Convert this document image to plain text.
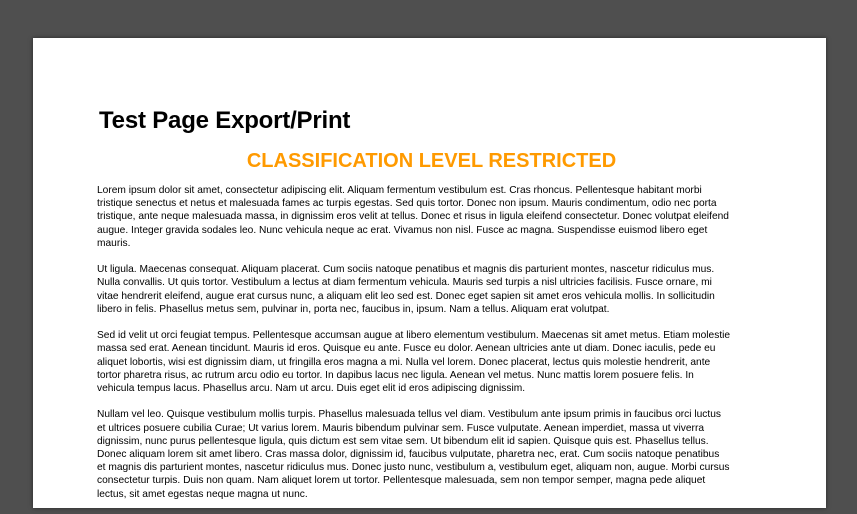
Test Page Export/Print
CLASSIFICATION LEVEL RESTRICTED
Lorem ipsum dolor sit amet, consectetur adipiscing elit. Aliquam fermentum vestibulum est. Cras rhoncus. Pellentesque habitant morbi
tristique senectus et netus et malesuada fames ac turpis egestas. Sed quis tortor. Donec non ipsum. Mauris condimentum, odio nec porta
tristique, ante neque malesuada massa, in dignissim eros velit at tellus. Donec et risus in ligula eleifend consectetur. Donec volutpat eleifend
augue. Integer gravida sodales leo. Nunc vehicula neque ac erat. Vivamus non nisl. Fusce ac magna. Suspendisse euismod libero eget
mauris.
Ut ligula. Maecenas consequat. Aliquam placerat. Cum sociis natoque penatibus et magnis dis parturient montes, nascetur ridiculus mus.
Nulla convallis. Ut quis tortor. Vestibulum a lectus at diam fermentum vehicula. Mauris sed turpis a nisl ultricies facilisis. Fusce ornare, mi
vitae hendrerit eleifend, augue erat cursus nunc, a aliquam elit leo sed est. Donec eget sapien sit amet eros vehicula mollis. In sollicitudin
libero in felis. Phasellus metus sem, pulvinar in, porta nec, faucibus in, ipsum. Nam a tellus. Aliquam erat volutpat.
Sed id velit ut orci feugiat tempus. Pellentesque accumsan augue at libero elementum vestibulum. Maecenas sit amet metus. Etiam molestie
massa sed erat. Aenean tincidunt. Mauris id eros. Quisque eu ante. Fusce eu dolor. Aenean ultricies ante ut diam. Donec iaculis, pede eu
aliquet lobortis, wisi est dignissim diam, ut fringilla eros magna a mi. Nulla vel lorem. Donec placerat, lectus quis molestie hendrerit, ante
tortor pharetra risus, ac rutrum arcu odio eu tortor. In dapibus lacus nec ligula. Aenean vel metus. Nunc mattis lorem posuere felis. In
vehicula tempus lacus. Phasellus arcu. Nam ut arcu. Duis eget elit id eros adipiscing dignissim.
Nullam vel leo. Quisque vestibulum mollis turpis. Phasellus malesuada tellus vel diam. Vestibulum ante ipsum primis in faucibus orci luctus
et ultrices posuere cubilia Curae; Ut varius lorem. Mauris bibendum pulvinar sem. Fusce vulputate. Aenean imperdiet, massa ut viverra
dignissim, nunc purus pellentesque ligula, quis dictum est sem vitae sem. Ut bibendum elit id sapien. Quisque quis est. Phasellus tellus.
Donec aliquam lorem sit amet libero. Cras massa dolor, dignissim id, faucibus vulputate, pharetra nec, erat. Cum sociis natoque penatibus
et magnis dis parturient montes, nascetur ridiculus mus. Donec justo nunc, vestibulum a, vestibulum eget, aliquam non, augue. Morbi cursus
consectetur turpis. Duis non quam. Nam aliquet lorem ut tortor. Pellentesque malesuada, sem non tempor semper, magna pede aliquet
lectus, sit amet egestas neque magna ut nunc.
